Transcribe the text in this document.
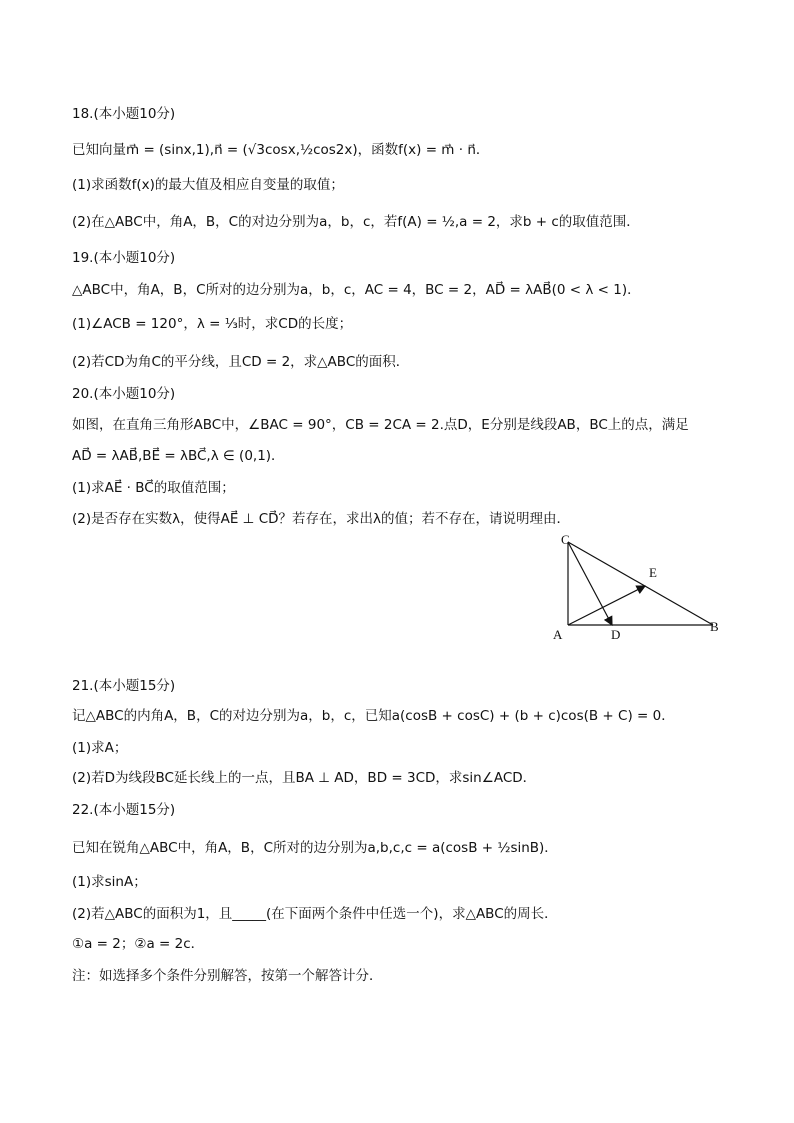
18.(本小题10分)
已知向量m⃗ = (sinx,1),n⃗ = (√3cosx,½cos2x)，函数f(x) = m⃗ · n⃗．
(1)求函数f(x)的最大值及相应自变量的取值；
(2)在△ABC中，角A，B，C的对边分别为a，b，c，若f(A) = ½,a = 2，求b + c的取值范围．
19.(本小题10分)
△ABC中，角A，B，C所对的边分别为a，b，c，AC = 4，BC = 2，AD⃗ = λAB⃗(0 < λ < 1)．
(1)∠ACB = 120°，λ = ⅓时，求CD的长度；
(2)若CD为角C的平分线，且CD = 2，求△ABC的面积．
20.(本小题10分)
如图，在直角三角形ABC中，∠BAC = 90°，CB = 2CA = 2.点D，E分别是线段AB，BC上的点，满足
AD⃗ = λAB⃗,BE⃗ = λBC⃗,λ ∈ (0,1)．
(1)求AE⃗ · BC⃗的取值范围；
(2)是否存在实数λ，使得AE⃗ ⊥ CD⃗？若存在，求出λ的值；若不存在，请说明理由．
C
E
A	D
B
21.(本小题15分)
记△ABC的内角A，B，C的对边分别为a，b，c，已知a(cosB + cosC) + (b + c)cos(B + C) = 0．
(1)求A；
(2)若D为线段BC延长线上的一点，且BA ⊥ AD，BD = 3CD，求sin∠ACD．
22.(本小题15分)
已知在锐角△ABC中，角A，B，C所对的边分别为a,b,c,c = a(cosB + ½sinB)．
(1)求sinA；
(2)若△ABC的面积为1，且_____(在下面两个条件中任选一个)，求△ABC的周长．
①a = 2；②a = 2c．
注：如选择多个条件分别解答，按第一个解答计分．
